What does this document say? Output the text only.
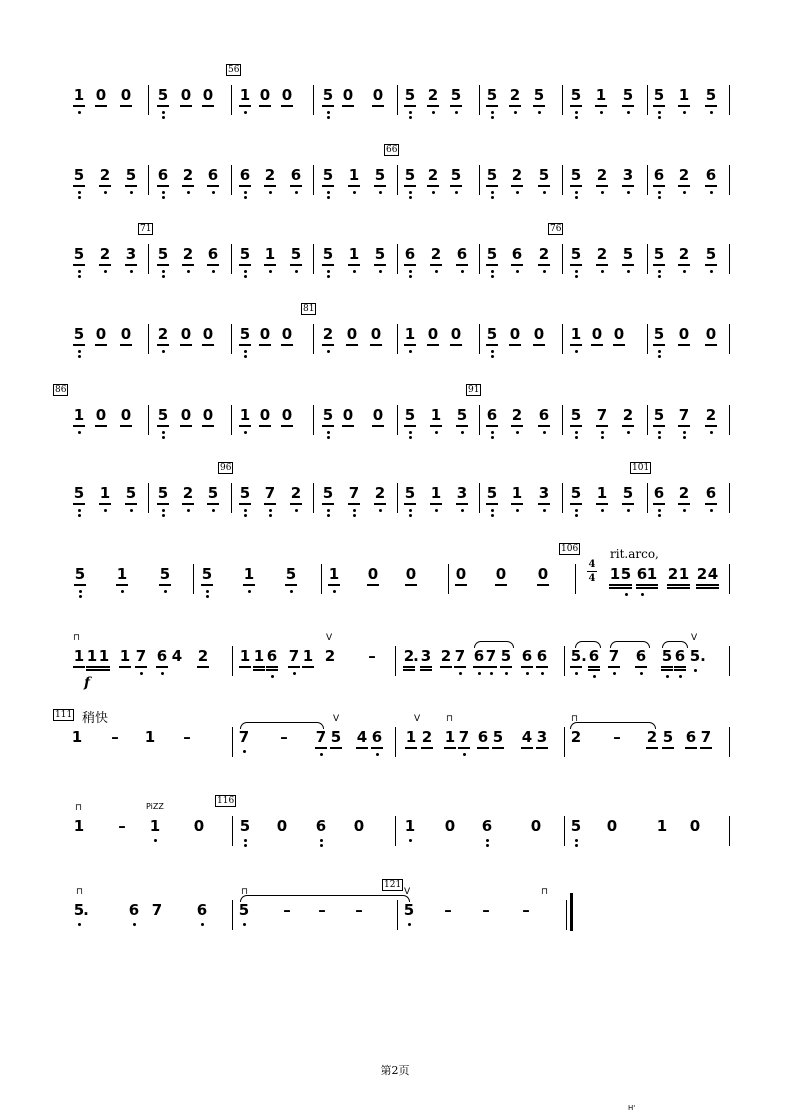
1 0 0	5 0 0	1 0 0	5 0	0	5 2 5	5 2 5	5 1	5	5 1	5
56
5	2	5	6 2 6	6 2	6	5	1	5	5 2 5	5 2	5	5	2	3	6 2	6
66
5	2	3	5 2 6	5 1	5	5	1	5	6	2	6	5 6	2	5	2	5	5 2	5
71	76
5 0 0	2 0 0	5 0 0	2 0 0	1 0 0	5 0 0	1 0 0	5 0	0
81
1 0 0	5 0 0	1 0 0	5 0	0	5	1	5	6 2	6	5	7	2	5 7	2
86	91
5	1	5	5 2 5	5 7	2	5	7	2	5	1	3	5 1	3	5	1	5	6 2	6
96	101
5	1	5	5	1	5	1	0	0	0	0	0	1 5 6 1 2 1 2 4
106	rit.arco,
4
4
1 1 1 1 7 6 4	2	1 1 6 7 1 2	–	2
. 3 2 7 6 7 5 6 6	5 . 6 7	6	5 6 5 .
f
⊓	V	V
1	–	1	–	7	–	7 5	4 6	1 2 1 7 6 5	4 3	2	–	2 5 6 7
111 稍快	V	V	⊓	⊓
1	–	1	0	5	0	6	0	1	0	6	0	5	0	1	0
116
PiZZ
⊓
5
.	6 7	6	5	–	–	–	5	–	–	–
121
⊓	⊓	V	⊓
第2页
H'
